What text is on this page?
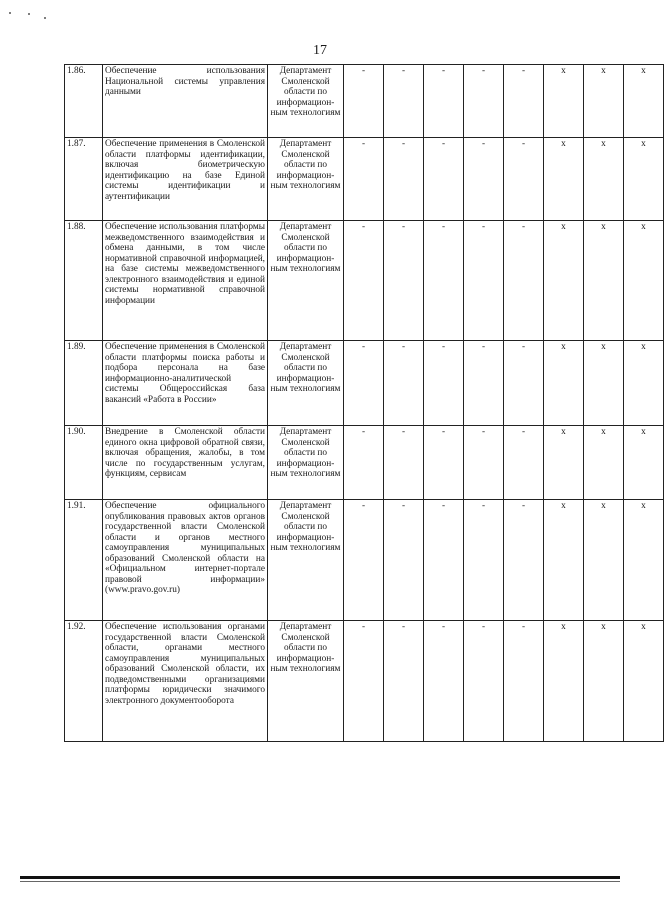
17
1.86.	Обеспечение использования Национальной системы управления данными	Департамент Смоленской области по информацион-ным технологиям	-	-	-	-	-	x	x	x
1.87.	Обеспечение применения в Смоленской области платформы идентификации, включая биометрическую идентификацию на базе Единой системы идентификации и аутентификации	Департамент Смоленской области по информацион-ным технологиям	-	-	-	-	-	x	x	x
1.88.	Обеспечение использования платформы межведомственного взаимодействия и обмена данными, в том числе нормативной справочной информацией, на базе системы межведомственного электронного взаимодействия и единой системы нормативной справочной информации	Департамент Смоленской области по информацион-ным технологиям	-	-	-	-	-	x	x	x
1.89.	Обеспечение применения в Смоленской области платформы поиска работы и подбора персонала на базе информационно-аналитической системы Общероссийская база вакансий «Работа в России»	Департамент Смоленской области по информацион-ным технологиям	-	-	-	-	-	x	x	x
1.90.	Внедрение в Смоленской области единого окна цифровой обратной связи, включая обращения, жалобы, в том числе по государственным услугам, функциям, сервисам	Департамент Смоленской области по информацион-ным технологиям	-	-	-	-	-	x	x	x
1.91.	Обеспечение официального опубликования правовых актов органов государственной власти Смоленской области и органов местного самоуправления муниципальных образований Смоленской области на «Официальном интернет-портале правовой информации» (www.pravo.gov.ru)	Департамент Смоленской области по информацион-ным технологиям	-	-	-	-	-	x	x	x
1.92.	Обеспечение использования органами государственной власти Смоленской области, органами местного самоуправления муниципальных образований Смоленской области, их подведомственными организациями платформы юридически значимого электронного документооборота	Департамент Смоленской области по информацион-ным технологиям	-	-	-	-	-	x	x	x
